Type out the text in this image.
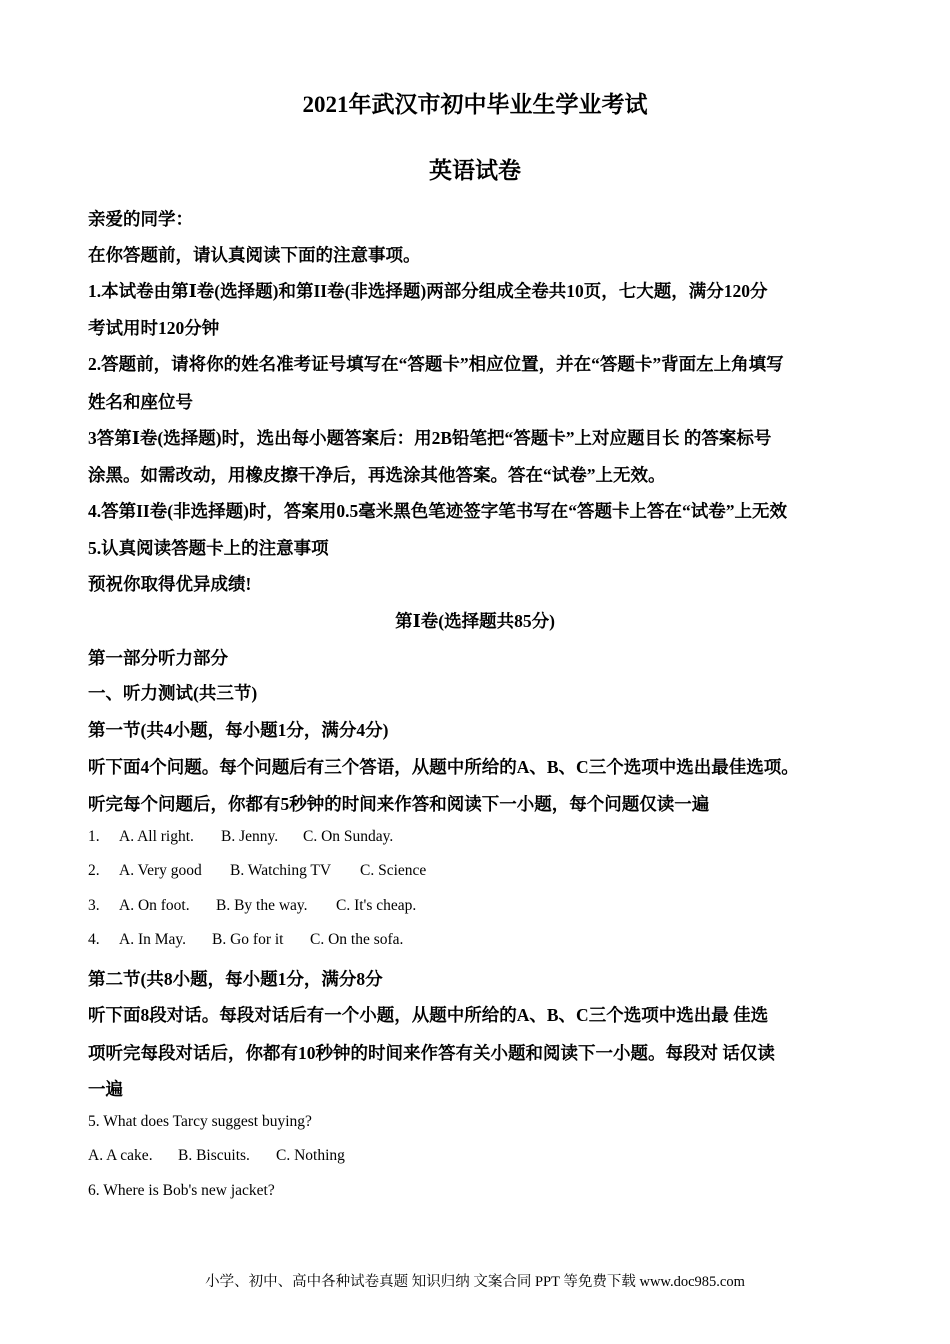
2021年武汉市初中毕业生学业考试
英语试卷
亲爱的同学：
在你答题前，请认真阅读下面的注意事项。
1.本试卷由第Ⅰ卷(选择题)和第II卷(非选择题)两部分组成全卷共10页，七大题，满分120分
考试用时120分钟
2.答题前，请将你的姓名准考证号填写在“答题卡”相应位置，并在“答题卡”背面左上角填写
姓名和座位号
3答第Ⅰ卷(选择题)时，选出每小题答案后：用2B铅笔把“答题卡”上对应题目长 的答案标号
涂黑。如需改动，用橡皮擦干净后，再选涂其他答案。答在“试卷”上无效。
4.答第II卷(非选择题)时，答案用0.5毫米黑色笔迹签字笔书写在“答题卡上答在“试卷”上无效
5.认真阅读答题卡上的注意事项
预祝你取得优异成绩!
第Ⅰ卷(选择题共85分)
第一部分听力部分
一、听力测试(共三节)
第一节(共4小题，每小题1分，满分4分)
听下面4个问题。每个问题后有三个答语，从题中所给的A、B、C三个选项中选出最佳选项。
听完每个问题后，你都有5秒钟的时间来作答和阅读下一小题，每个问题仅读一遍
1. A. All right. B. Jenny. C. On Sunday.
2. A. Very good B. Watching TV C. Science
3. A. On foot. B. By the way. C. It's cheap.
4. A. In May. B. Go for it C. On the sofa.
第二节(共8小题，每小题1分，满分8分
听下面8段对话。每段对话后有一个小题，从题中所给的A、B、C三个选项中选出最 佳选
项听完每段对话后，你都有10秒钟的时间来作答有关小题和阅读下一小题。每段对 话仅读
一遍
5. What does Tarcy suggest buying?
A. A cake. B. Biscuits. C. Nothing
6. Where is Bob's new jacket?
小学、初中、高中各种试卷真题 知识归纳 文案合同 PPT 等免费下载 www.doc985.com
